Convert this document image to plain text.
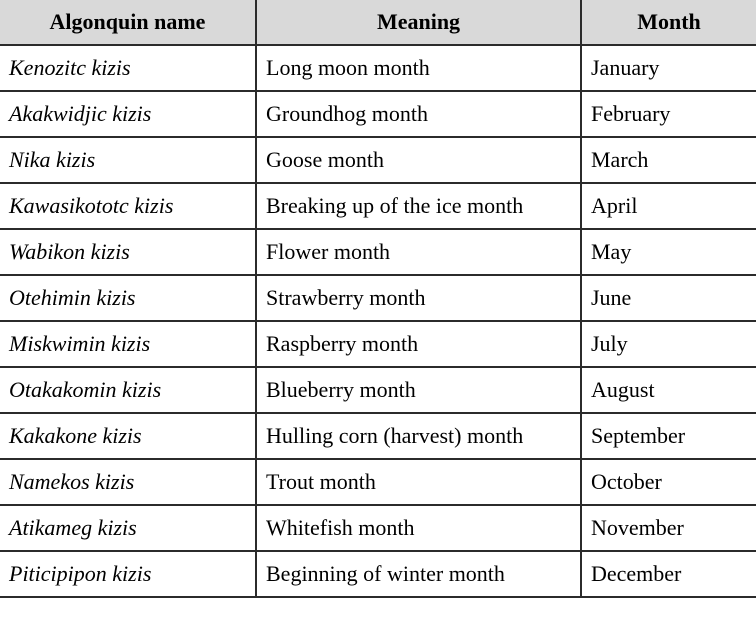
Algonquin name	Meaning	Month
Kenozitc kizis	Long moon month	January
Akakwidjic kizis	Groundhog month	February
Nika kizis	Goose month	March
Kawasikototc kizis	Breaking up of the ice month	April
Wabikon kizis	Flower month	May
Otehimin kizis	Strawberry month	June
Miskwimin kizis	Raspberry month	July
Otakakomin kizis	Blueberry month	August
Kakakone kizis	Hulling corn (harvest) month	September
Namekos kizis	Trout month	October
Atikameg kizis	Whitefish month	November
Piticipipon kizis	Beginning of winter month	December
